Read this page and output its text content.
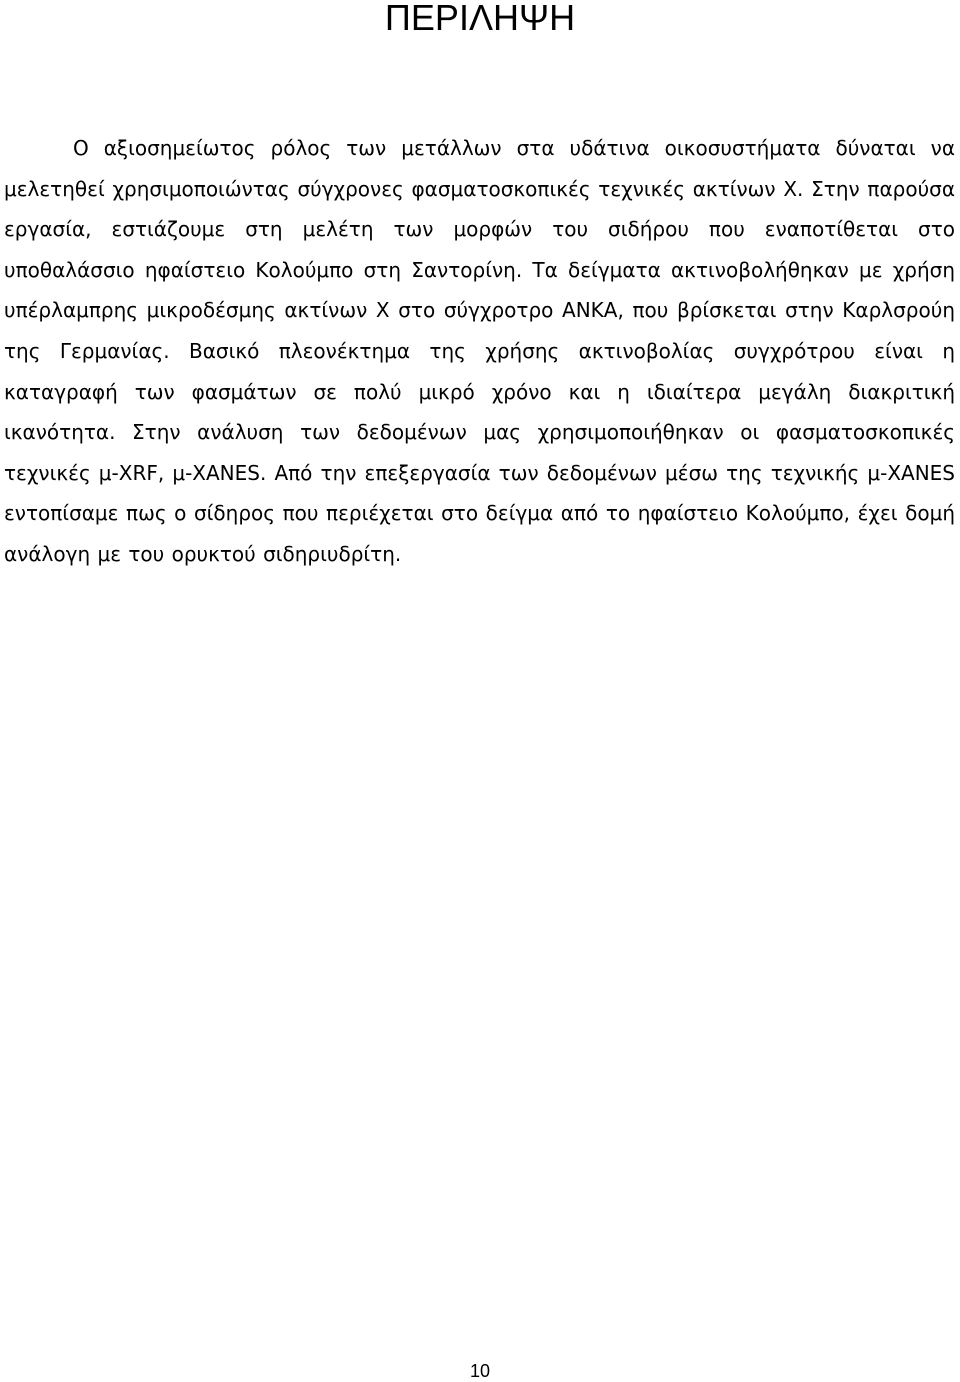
ΠΕΡΙΛΗΨΗ

Ο αξιοσημείωτος ρόλος των μετάλλων στα υδάτινα οικοσυστήματα δύναται να μελετηθεί χρησιμοποιώντας σύγχρονες φασματοσκοπικές τεχνικές ακτίνων Χ. Στην παρούσα εργασία, εστιάζουμε στη μελέτη των μορφών του σιδήρου που εναποτίθεται στο υποθαλάσσιο ηφαίστειο Κολούμπο στη Σαντορίνη. Τα δείγματα ακτινοβολήθηκαν με χρήση υπέρλαμπρης μικροδέσμης ακτίνων Χ στο σύγχροτρο ΑΝΚΑ, που βρίσκεται στην Καρλσρούη της Γερμανίας. Βασικό πλεονέκτημα της χρήσης ακτινοβολίας συγχρότρου είναι η καταγραφή των φασμάτων σε πολύ μικρό χρόνο και η ιδιαίτερα μεγάλη διακριτική ικανότητα. Στην ανάλυση των δεδομένων μας χρησιμοποιήθηκαν οι φασματοσκοπικές τεχνικές μ-XRF, μ-XANES. Από την επεξεργασία των δεδομένων μέσω της τεχνικής μ-XANES εντοπίσαμε πως ο σίδηρος που περιέχεται στο δείγμα από το ηφαίστειο Κολούμπο, έχει δομή ανάλογη με του ορυκτού σιδηριυδρίτη.

10
